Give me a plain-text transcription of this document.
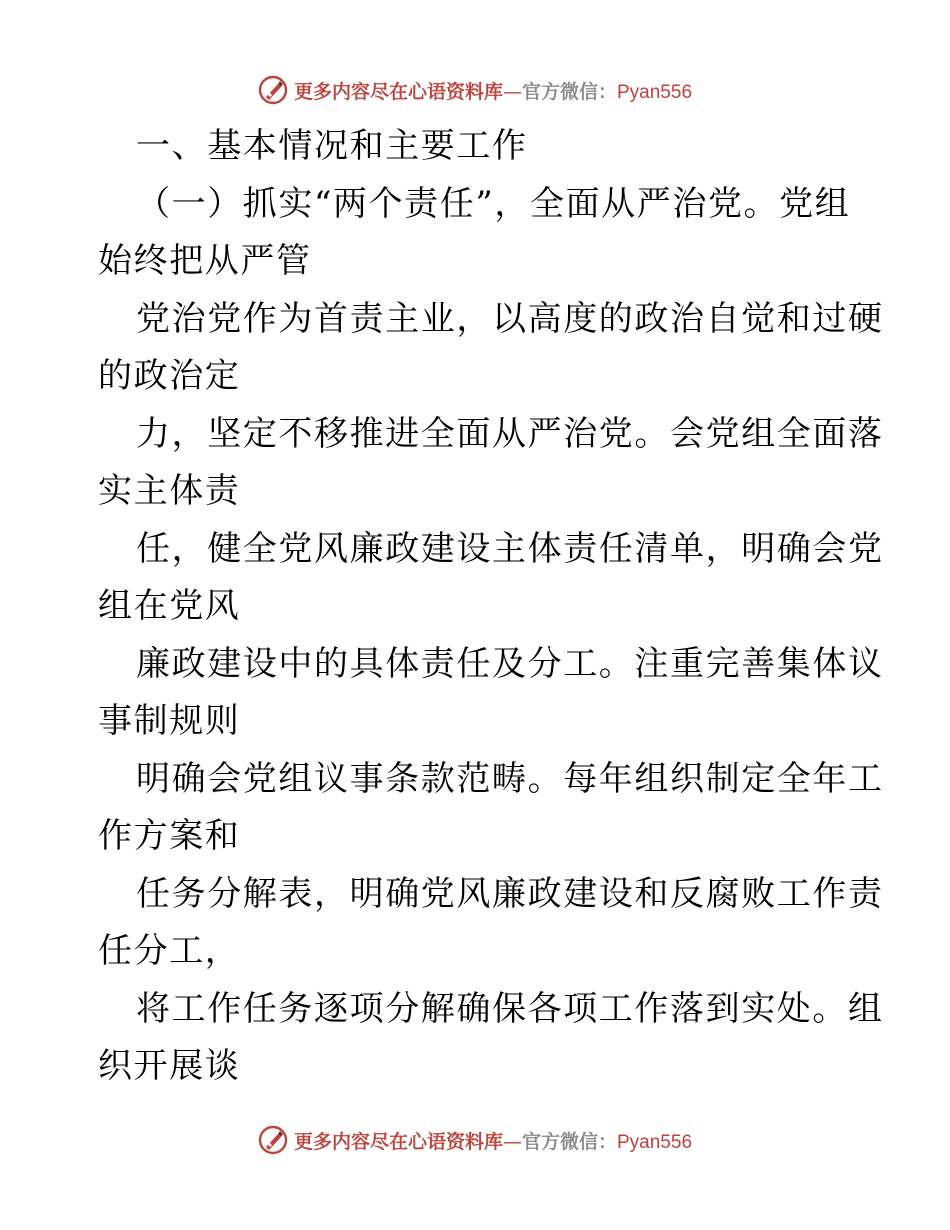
更多内容尽在心语资料库—官方微信：Pyan556
一、基本情况和主要工作
（一）抓实“两个责任”，全面从严治党。党组
始终把从严管
党治党作为首责主业，以高度的政治自觉和过硬
的政治定
力，坚定不移推进全面从严治党。会党组全面落
实主体责
任，健全党风廉政建设主体责任清单，明确会党
组在党风
廉政建设中的具体责任及分工。注重完善集体议
事制规则
明确会党组议事条款范畴。每年组织制定全年工
作方案和
任务分解表，明确党风廉政建设和反腐败工作责
任分工，
将工作任务逐项分解确保各项工作落到实处。组
织开展谈
更多内容尽在心语资料库—官方微信：Pyan556
